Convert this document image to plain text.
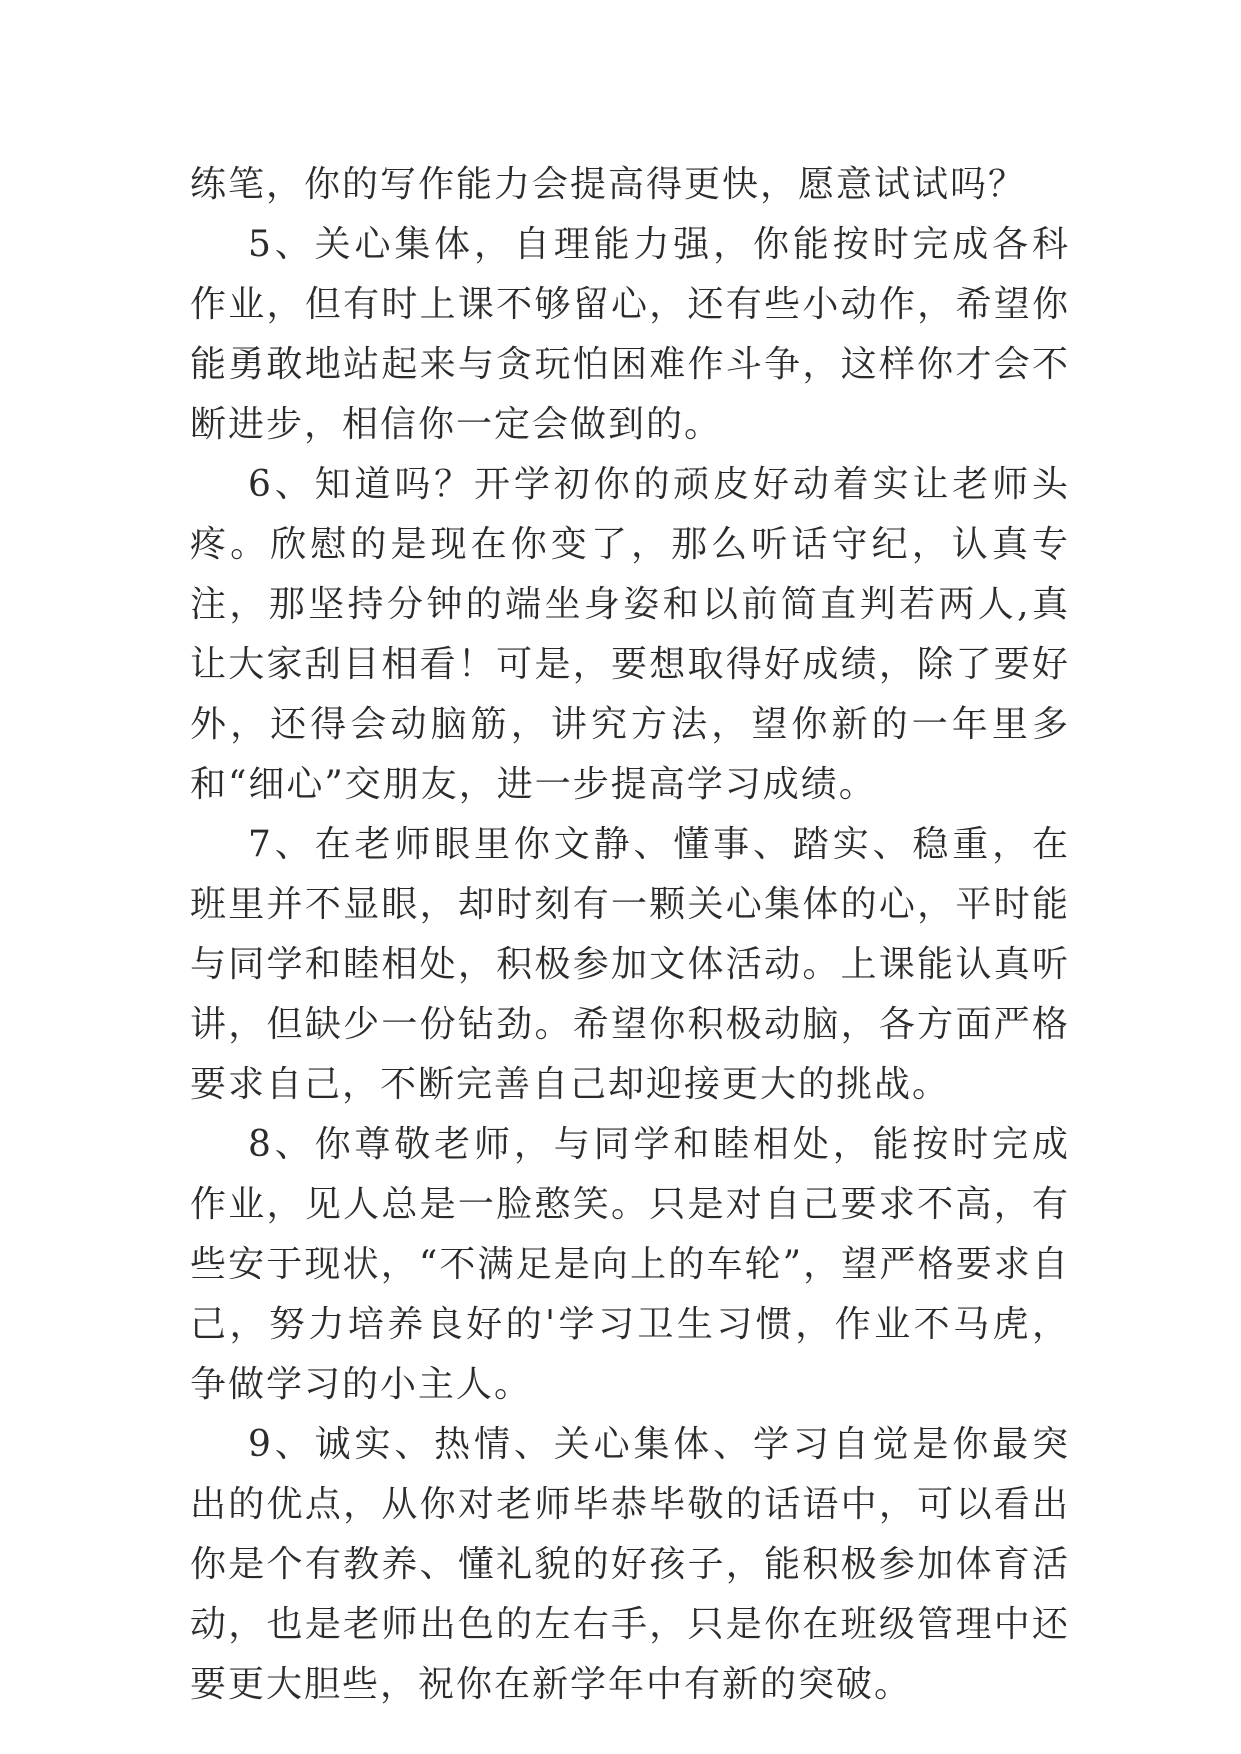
练笔，你的写作能力会提高得更快，愿意试试吗？

5、关心集体，自理能力强，你能按时完成各科作业，但有时上课不够留心，还有些小动作，希望你能勇敢地站起来与贪玩怕困难作斗争，这样你才会不断进步，相信你一定会做到的。

6、知道吗？开学初你的顽皮好动着实让老师头疼。欣慰的是现在你变了，那么听话守纪，认真专注，那坚持分钟的端坐身姿和以前简直判若两人,真让大家刮目相看！可是，要想取得好成绩，除了要好外，还得会动脑筋，讲究方法，望你新的一年里多和“细心”交朋友，进一步提高学习成绩。

7、在老师眼里你文静、懂事、踏实、稳重，在班里并不显眼，却时刻有一颗关心集体的心，平时能与同学和睦相处，积极参加文体活动。上课能认真听讲，但缺少一份钻劲。希望你积极动脑，各方面严格要求自己，不断完善自己却迎接更大的挑战。

8、你尊敬老师，与同学和睦相处，能按时完成作业，见人总是一脸憨笑。只是对自己要求不高，有些安于现状，“不满足是向上的车轮”，望严格要求自己，努力培养良好的'学习卫生习惯，作业不马虎，争做学习的小主人。

9、诚实、热情、关心集体、学习自觉是你最突出的优点，从你对老师毕恭毕敬的话语中，可以看出你是个有教养、懂礼貌的好孩子，能积极参加体育活动，也是老师出色的左右手，只是你在班级管理中还要更大胆些，祝你在新学年中有新的突破。
